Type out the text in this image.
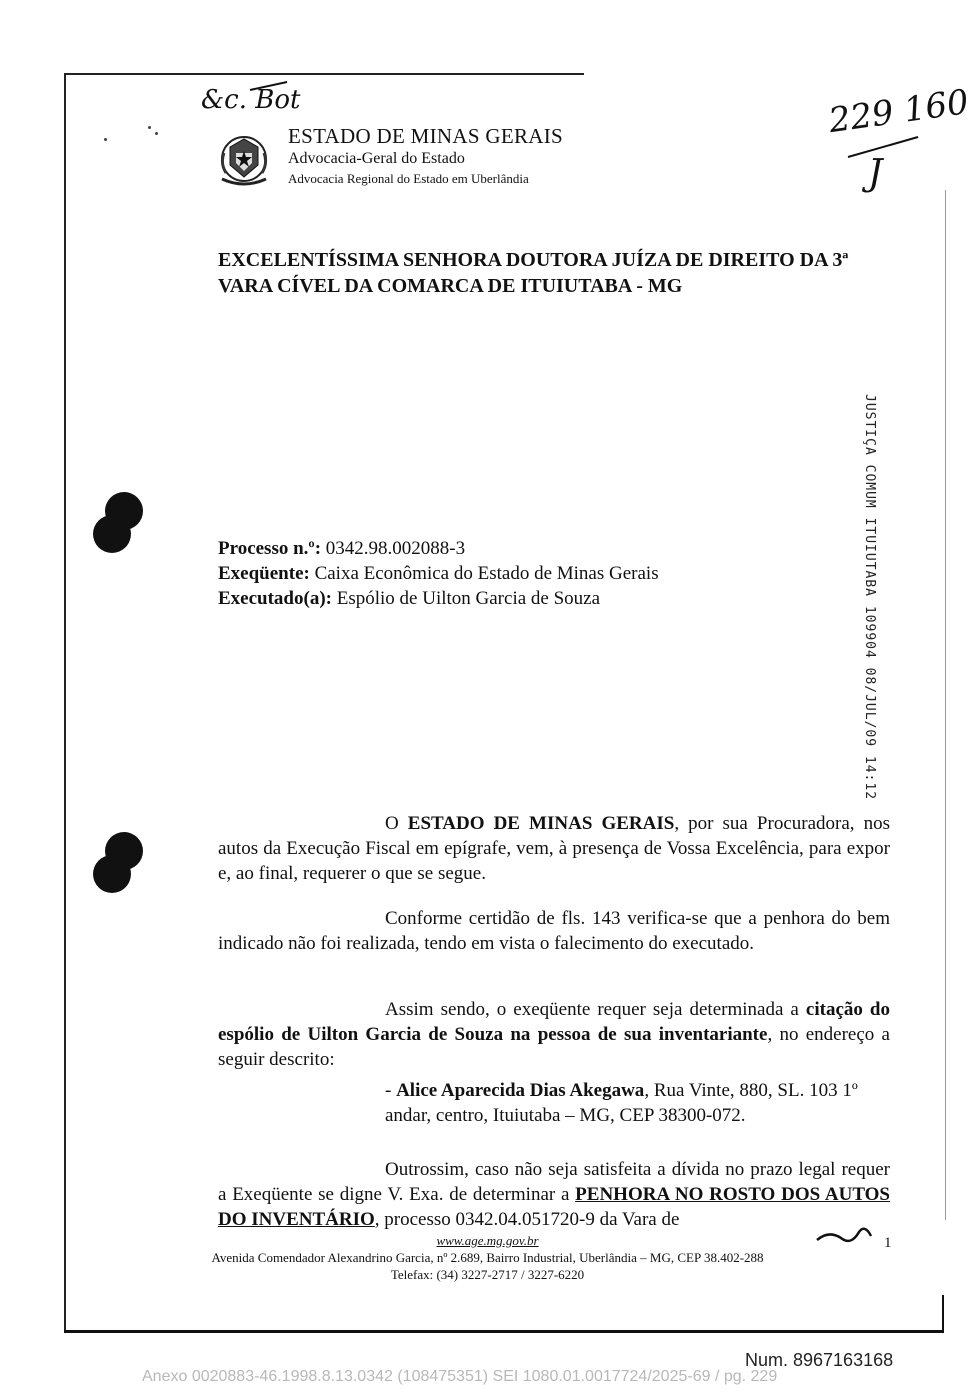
&c. Bot	229 160
J
ESTADO DE MINAS GERAIS
Advocacia-Geral do Estado
Advocacia Regional do Estado em Uberlândia
EXCELENTÍSSIMA SENHORA DOUTORA JUÍZA DE DIREITO DA 3ª
VARA CÍVEL DA COMARCA DE ITUIUTABA - MG
JUSTIÇA COMUM ITUIUTABA 109904 08/JUL/09 14:12
Processo n.º: 0342.98.002088-3
Exeqüente: Caixa Econômica do Estado de Minas Gerais
Executado(a): Espólio de Uilton Garcia de Souza
O ESTADO DE MINAS GERAIS, por sua Procuradora, nos autos da Execução Fiscal em epígrafe, vem, à presença de Vossa Excelência, para expor e, ao final, requerer o que se segue.
Conforme certidão de fls. 143 verifica-se que a penhora do bem indicado não foi realizada, tendo em vista o falecimento do executado.
Assim sendo, o exeqüente requer seja determinada a citação do espólio de Uilton Garcia de Souza na pessoa de sua inventariante, no endereço a seguir descrito:
- Alice Aparecida Dias Akegawa, Rua Vinte, 880, SL. 103 1º andar, centro, Ituiutaba – MG, CEP 38300-072.
Outrossim, caso não seja satisfeita a dívida no prazo legal requer a Exeqüente se digne V. Exa. de determinar a PENHORA NO ROSTO DOS AUTOS DO INVENTÁRIO, processo 0342.04.051720-9 da Vara de
www.age.mg.gov.br	1
Avenida Comendador Alexandrino Garcia, nº 2.689, Bairro Industrial, Uberlândia – MG, CEP 38.402-288
Telefax: (34) 3227-2717 / 3227-6220
Num. 8967163168
Anexo 0020883-46.1998.8.13.0342 (108475351) SEI 1080.01.0017724/2025-69 / pg. 229
